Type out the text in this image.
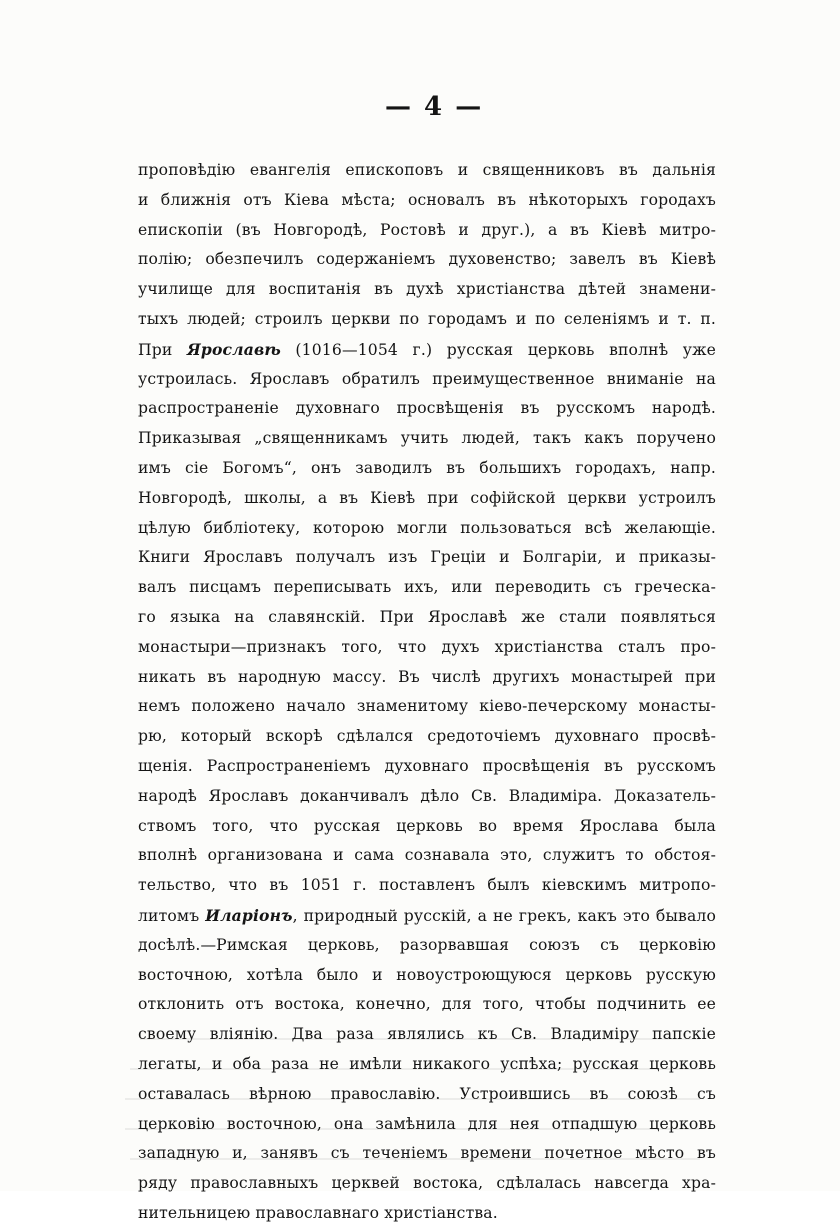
— 4 —
проповѣдію евангелія епископовъ и священниковъ въ дальнія
и ближнія отъ Кіева мѣста; основалъ въ нѣкоторыхъ городахъ
епископіи (въ Новгородѣ, Ростовѣ и друг.), а въ Кіевѣ митро-
полію; обезпечилъ содержаніемъ духовенство; завелъ въ Кіевѣ
училище для воспитанія въ духѣ христіанства дѣтей знамени-
тыхъ людей; строилъ церкви по городамъ и по селеніямъ и т. п.
При Ярославѣ (1016—1054 г.) русская церковь вполнѣ уже
устроилась. Ярославъ обратилъ преимущественное вниманіе на
распространеніе духовнаго просвѣщенія въ русскомъ народѣ.
Приказывая „священникамъ учить людей, такъ какъ поручено
имъ сіе Богомъ“, онъ заводилъ въ большихъ городахъ, напр.
Новгородѣ, школы, а въ Кіевѣ при софійской церкви устроилъ
цѣлую библіотеку, которою могли пользоваться всѣ желающіе.
Книги Ярославъ получалъ изъ Греціи и Болгаріи, и приказы-
валъ писцамъ переписывать ихъ, или переводить съ греческа-
го языка на славянскій. При Ярославѣ же стали появляться
монастыри—признакъ того, что духъ христіанства сталъ про-
никать въ народную массу. Въ числѣ другихъ монастырей при
немъ положено начало знаменитому кіево-печерскому монасты-
рю, который вскорѣ сдѣлался средоточіемъ духовнаго просвѣ-
щенія. Распространеніемъ духовнаго просвѣщенія въ русскомъ
народѣ Ярославъ доканчивалъ дѣло Св. Владиміра. Доказатель-
ствомъ того, что русская церковь во время Ярослава была
вполнѣ организована и сама сознавала это, служитъ то обстоя-
тельство, что въ 1051 г. поставленъ былъ кіевскимъ митропо-
литомъ Иларіонъ, природный русскій, а не грекъ, какъ это бывало
досѣлѣ.—Римская церковь, разорвавшая союзъ съ церковію
восточною, хотѣла было и новоустроющуюся церковь русскую
отклонить отъ востока, конечно, для того, чтобы подчинить ее
своему вліянію. Два раза являлись къ Св. Владиміру папскіе
легаты, и оба раза не имѣли никакого успѣха; русская церковь
оставалась вѣрною православію. Устроившись въ союзѣ съ
церковію восточною, она замѣнила для нея отпадшую церковь
западную и, занявъ съ теченіемъ времени почетное мѣсто въ
ряду православныхъ церквей востока, сдѣлалась навсегда хра-
нительницею православнаго христіанства.
